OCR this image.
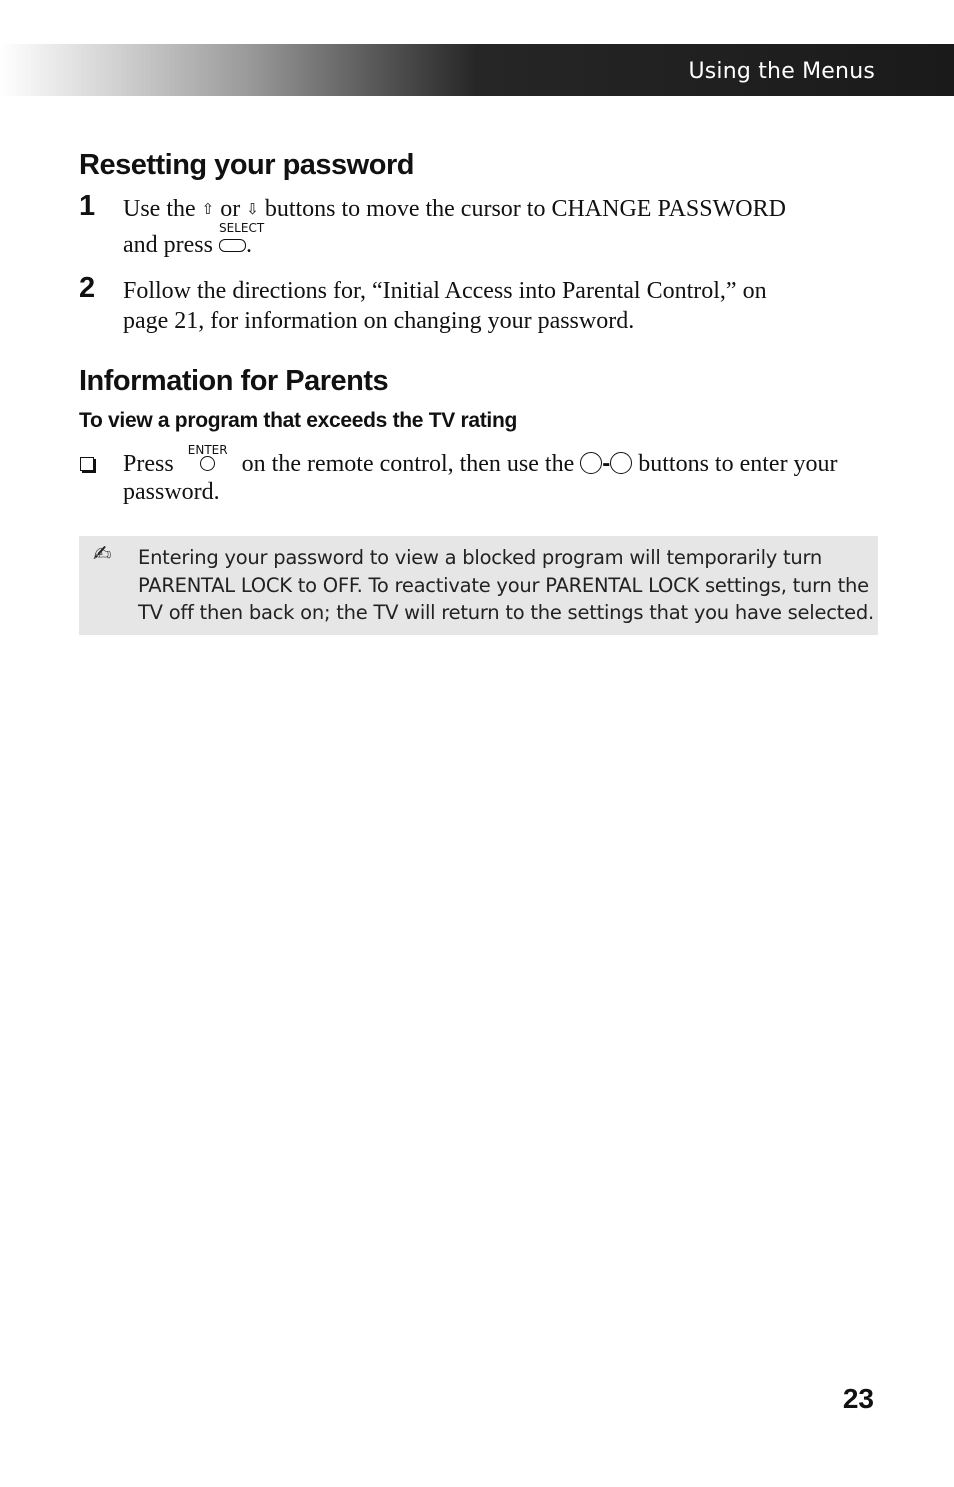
Using the Menus
Resetting your password
1 Use the ⇧ or ⇩ buttons to move the cursor to CHANGE PASSWORD
and press
SELECT
.
2 Follow the directions for, “Initial Access into Parental Control,” on
page 21, for information on changing your password.
Information for Parents
To view a program that exceeds the TV rating
Press
ENTER
on the remote control, then use the - buttons to enter your
password.
✍ Entering your password to view a blocked program will temporarily turn
PARENTAL LOCK to OFF. To reactivate your PARENTAL LOCK settings, turn the
TV off then back on; the TV will return to the settings that you have selected.
23
